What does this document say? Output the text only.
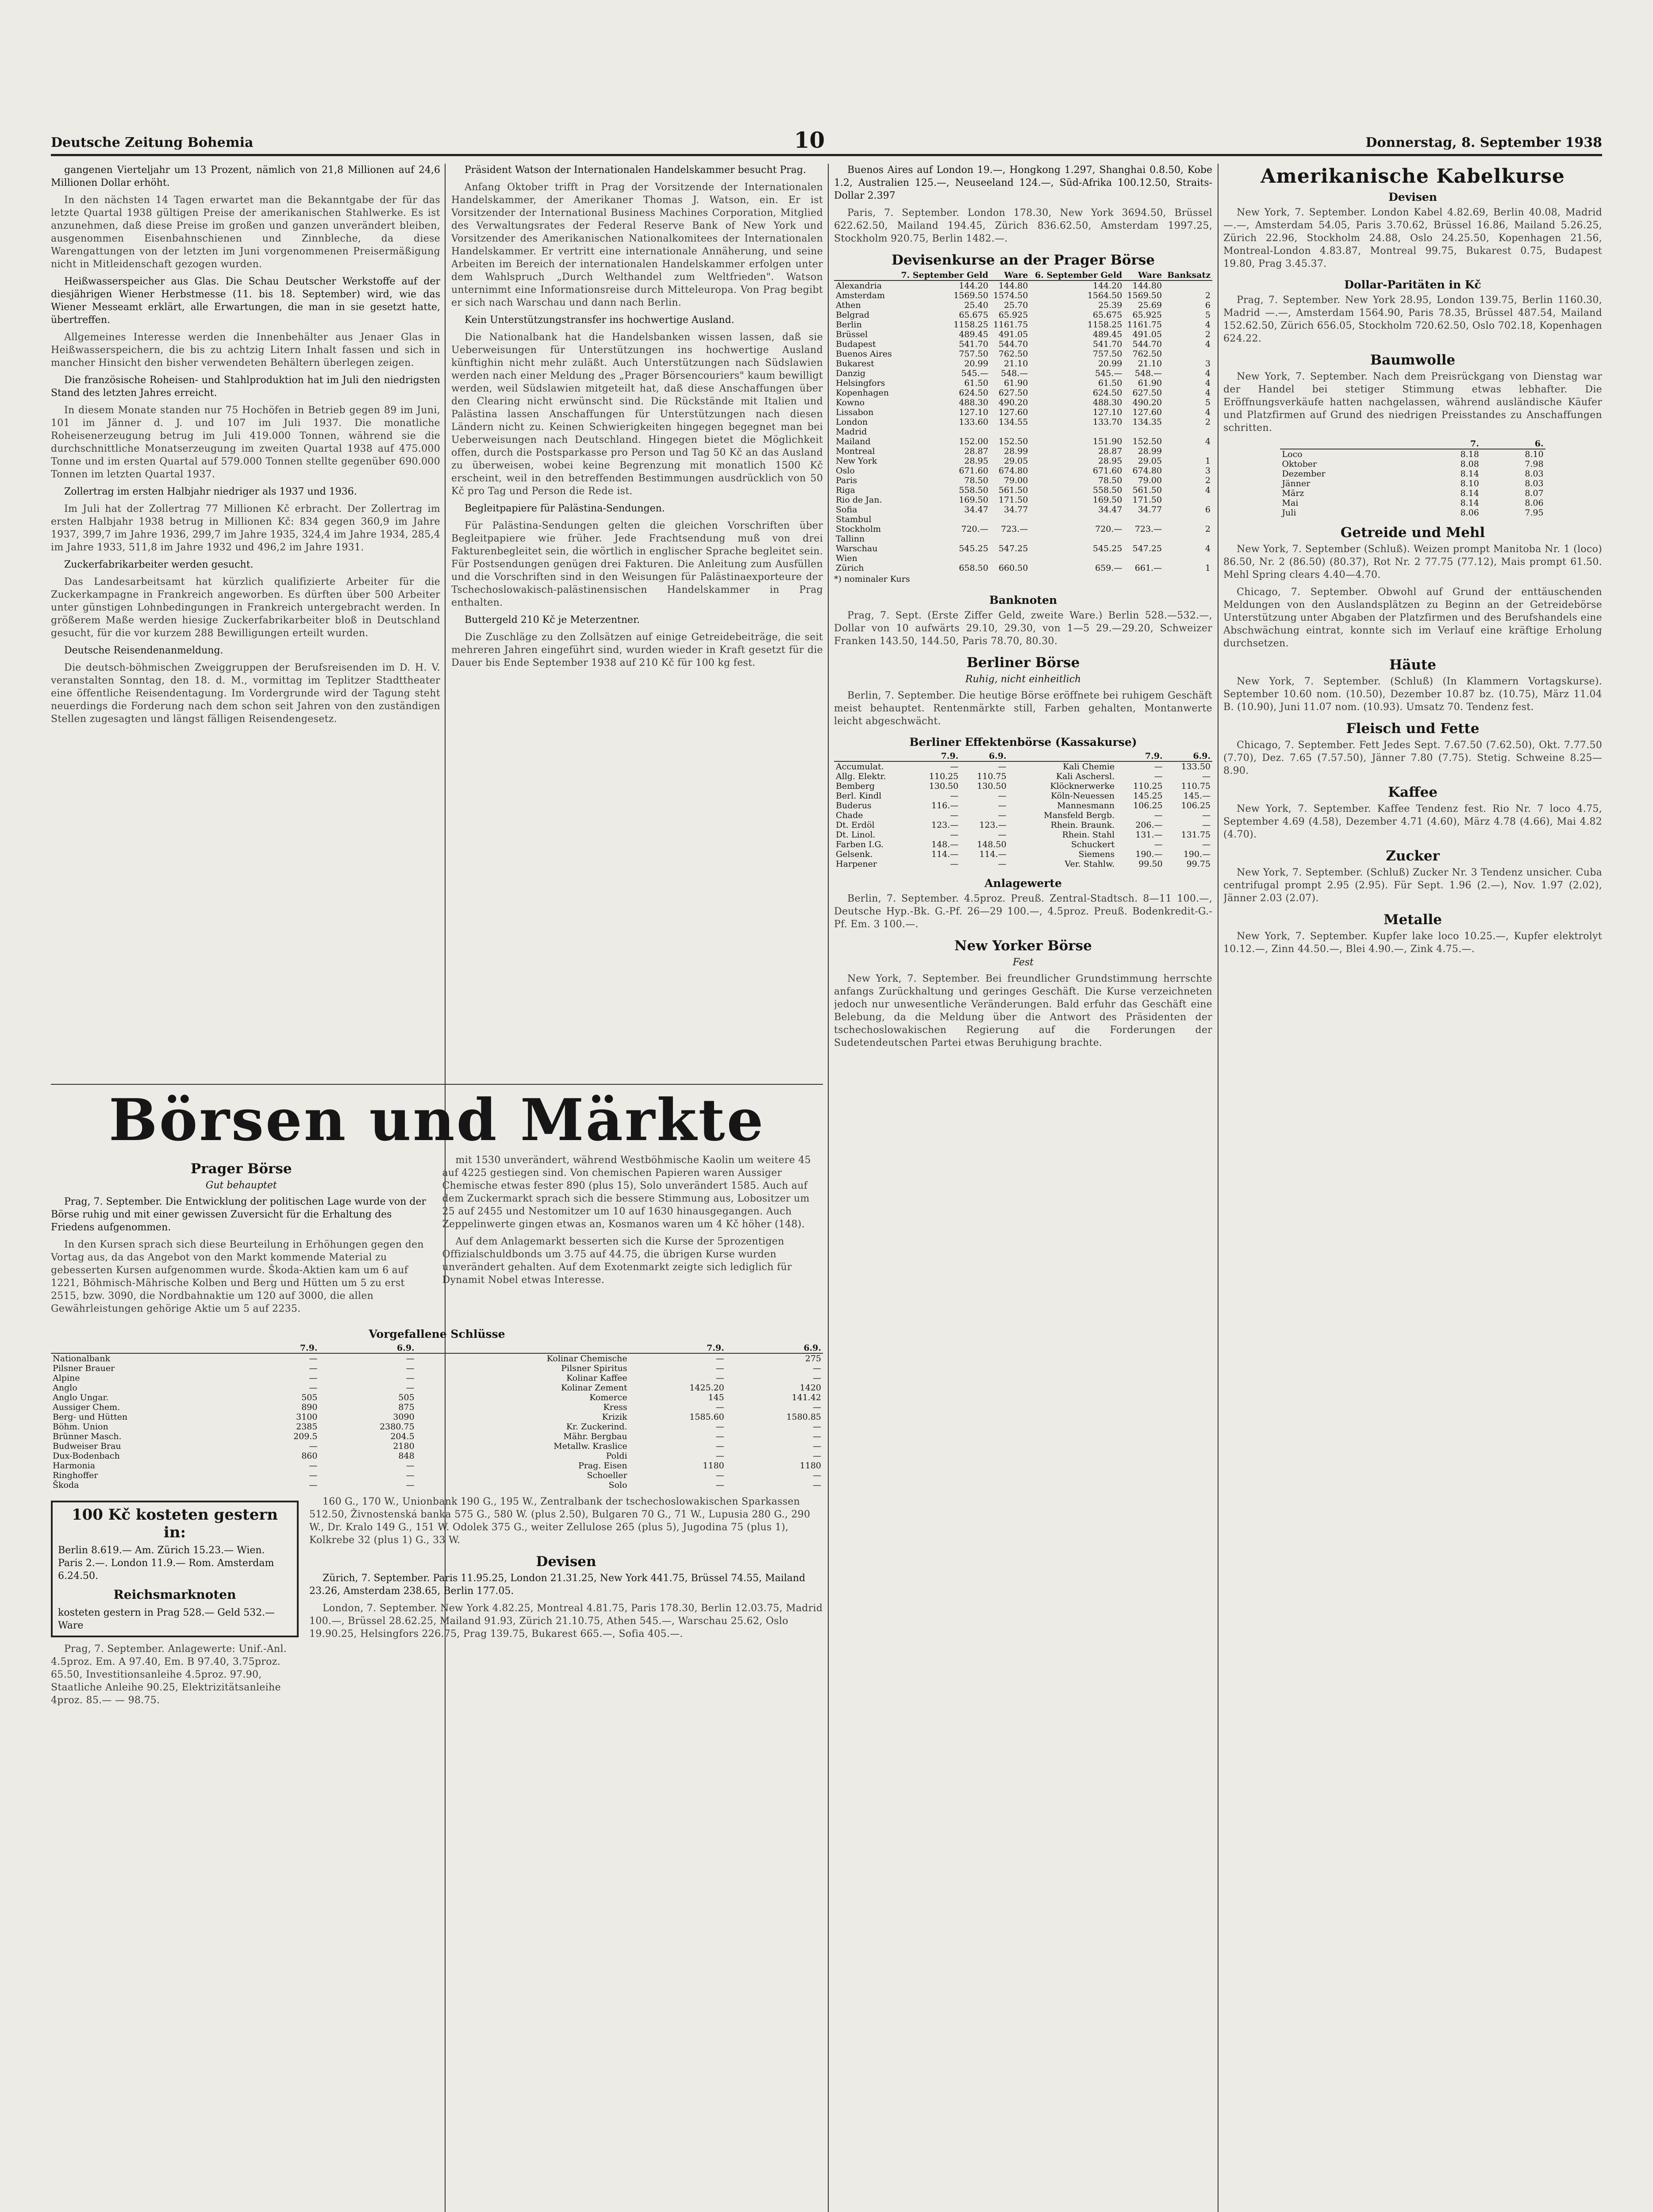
Deutsche Zeitung Bohemia	10	Donnerstag, 8. September 1938

gangenen Vierteljahr um 13 Prozent, nämlich von 21,8 Millionen auf 24,6 Millionen Dollar erhöht.

In den nächsten 14 Tagen erwartet man die Bekanntgabe der für das letzte Quartal 1938 gültigen Preise der amerikanischen Stahlwerke. Es ist anzunehmen, daß diese Preise im großen und ganzen unverändert bleiben, ausgenommen Eisenbahnschienen und Zinnbleche, da diese Warengattungen von der letzten im Juni vorgenommenen Preisermäßigung nicht in Mitleidenschaft gezogen wurden.

Heißwasserspeicher aus Glas. Die Schau Deutscher Werkstoffe auf der diesjährigen Wiener Herbstmesse (11. bis 18. September) wird, wie das Wiener Messeamt erklärt, alle Erwartungen, die man in sie gesetzt hatte, übertreffen.

Allgemeines Interesse werden die Innenbehälter aus Jenaer Glas in Heißwasserspeichern, die bis zu achtzig Litern Inhalt fassen und sich in mancher Hinsicht den bisher verwendeten Behältern überlegen zeigen.

Die französische Roheisen- und Stahlproduktion hat im Juli den niedrigsten Stand des letzten Jahres erreicht.

In diesem Monate standen nur 75 Hochöfen in Betrieb gegen 89 im Juni, 101 im Jänner d. J. und 107 im Juli 1937. Die monatliche Roheisenerzeugung betrug im Juli 419.000 Tonnen, während sie die durchschnittliche Monatserzeugung im zweiten Quartal 1938 auf 475.000 Tonne und im ersten Quartal auf 579.000 Tonnen stellte gegenüber 690.000 Tonnen im letzten Quartal 1937.

Zollertrag im ersten Halbjahr niedriger als 1937 und 1936.

Im Juli hat der Zollertrag 77 Millionen Kč erbracht. Der Zollertrag im ersten Halbjahr 1938 betrug in Millionen Kč: 834 gegen 360,9 im Jahre 1937, 399,7 im Jahre 1936, 299,7 im Jahre 1935, 324,4 im Jahre 1934, 285,4 im Jahre 1933, 511,8 im Jahre 1932 und 496,2 im Jahre 1931.

Zuckerfabrikarbeiter werden gesucht.

Das Landesarbeitsamt hat kürzlich qualifizierte Arbeiter für die Zuckerkampagne in Frankreich angeworben. Es dürften über 500 Arbeiter unter günstigen Lohnbedingungen in Frankreich untergebracht werden. In größerem Maße werden hiesige Zuckerfabrikarbeiter bloß in Deutschland gesucht, für die vor kurzem 288 Bewilligungen erteilt wurden.

Deutsche Reisendenanmeldung.

Die deutsch-böhmischen Zweiggruppen der Berufsreisenden im D. H. V. veranstalten Sonntag, den 18. d. M., vormittag im Teplitzer Stadttheater eine öffentliche Reisendentagung. Im Vordergrunde wird der Tagung steht neuerdings die Forderung nach dem schon seit Jahren von den zuständigen Stellen zugesagten und längst fälligen Reisendengesetz.

Präsident Watson der Internationalen Handelskammer besucht Prag.

Anfang Oktober trifft in Prag der Vorsitzende der Internationalen Handelskammer, der Amerikaner Thomas J. Watson, ein. Er ist Vorsitzender der International Business Machines Corporation, Mitglied des Verwaltungsrates der Federal Reserve Bank of New York und Vorsitzender des Amerikanischen Nationalkomitees der Internationalen Handelskammer. Er vertritt eine internationale Annäherung, und seine Arbeiten im Bereich der internationalen Handelskammer erfolgen unter dem Wahlspruch „Durch Welthandel zum Weltfrieden". Watson unternimmt eine Informationsreise durch Mitteleuropa. Von Prag begibt er sich nach Warschau und dann nach Berlin.

Kein Unterstützungstransfer ins hochwertige Ausland.

Die Nationalbank hat die Handelsbanken wissen lassen, daß sie Ueberweisungen für Unterstützungen ins hochwertige Ausland künftighin nicht mehr zuläßt. Auch Unterstützungen nach Südslawien werden nach einer Meldung des „Prager Börsencouriers" kaum bewilligt werden, weil Südslawien mitgeteilt hat, daß diese Anschaffungen über den Clearing nicht erwünscht sind. Die Rückstände mit Italien und Palästina lassen Anschaffungen für Unterstützungen nach diesen Ländern nicht zu. Keinen Schwierigkeiten hingegen begegnet man bei Ueberweisungen nach Deutschland. Hingegen bietet die Möglichkeit offen, durch die Postsparkasse pro Person und Tag 50 Kč an das Ausland zu überweisen, wobei keine Begrenzung mit monatlich 1500 Kč erscheint, weil in den betreffenden Bestimmungen ausdrücklich von 50 Kč pro Tag und Person die Rede ist.

Begleitpapiere für Palästina-Sendungen.

Für Palästina-Sendungen gelten die gleichen Vorschriften über Begleitpapiere wie früher. Jede Frachtsendung muß von drei Fakturenbegleitet sein, die wörtlich in englischer Sprache begleitet sein. Für Postsendungen genügen drei Fakturen. Die Anleitung zum Ausfüllen und die Vorschriften sind in den Weisungen für Palästinaexporteure der Tschechoslowakisch-palästinensischen Handelskammer in Prag enthalten.

Buttergeld 210 Kč je Meterzentner.

Die Zuschläge zu den Zollsätzen auf einige Getreidebeiträge, die seit mehreren Jahren eingeführt sind, wurden wieder in Kraft gesetzt für die Dauer bis Ende September 1938 auf 210 Kč für 100 kg fest.

Börsen und Märkte
Prager Börse
Gut behauptet

Prag, 7. September. Die Entwicklung der politischen Lage wurde von der Börse ruhig und mit einer gewissen Zuversicht für die Erhaltung des Friedens aufgenommen.

In den Kursen sprach sich diese Beurteilung in Erhöhungen gegen den Vortag aus, da das Angebot von den Markt kommende Material zu gebesserten Kursen aufgenommen wurde. Škoda-Aktien kam um 6 auf 1221, Böhmisch-Mährische Kolben und Berg und Hütten um 5 zu erst 2515, bzw. 3090, die Nordbahnaktie um 120 auf 3000, die allen Gewährleistungen gehörige Aktie um 5 auf 2235.

mit 1530 unverändert, während Westböhmische Kaolin um weitere 45 auf 4225 gestiegen sind. Von chemischen Papieren waren Aussiger Chemische etwas fester 890 (plus 15), Solo unverändert 1585. Auch auf dem Zuckermarkt sprach sich die bessere Stimmung aus, Lobositzer um 25 auf 2455 und Nestomitzer um 10 auf 1630 hinausgegangen. Auch Zeppelinwerte gingen etwas an, Kosmanos waren um 4 Kč höher (148).

Auf dem Anlagemarkt besserten sich die Kurse der 5prozentigen Offizialschuldbonds um 3.75 auf 44.75, die übrigen Kurse wurden unverändert gehalten. Auf dem Exotenmarkt zeigte sich lediglich für Dynamit Nobel etwas Interesse.

Vorgefallene Schlüsse
	7.9.	6.9.		7.9.	6.9.
Nationalbank	—	—	Kolinar Chemische	—	275
Pilsner Brauer	—	—	Pilsner Spiritus	—	—
Alpine	—	—	Kolinar Kaffee	—	—
Anglo	—	—	Kolinar Zement	1425.20	1420
Anglo Ungar.	505	505	Komerce	145	141.42
Aussiger Chem.	890	875	Kress	—	—
Berg- und Hütten	3100	3090	Krizik	1585.60	1580.85
Böhm. Union	2385	2380.75	Kr. Zuckerind.	—	—
Brünner Masch.	209.5	204.5	Mähr. Bergbau	—	—
Budweiser Brau	—	2180	Metallw. Kraslice	—	—
Dux-Bodenbach	860	848	Poldi	—	—
Harmonia	—	—	Prag. Eisen	1180	1180
Ringhoffer	—	—	Schoeller	—	—
Škoda	—	—	Solo	—	—
100 Kč kosteten gestern in:
Berlin 8.619.— Am. Zürich 15.23.— Wien. Paris 2.—. London 11.9.— Rom. Amsterdam 6.24.50.
Reichsmarknoten
kosteten gestern in Prag 528.— Geld 532.— Ware

Prag, 7. September. Anlagewerte: Unif.-Anl. 4.5proz. Em. A 97.40, Em. B 97.40, 3.75proz. 65.50, Investitionsanleihe 4.5proz. 97.90, Staatliche Anleihe 90.25, Elektrizitätsanleihe 4proz. 85.— — 98.75.

160 G., 170 W., Unionbank 190 G., 195 W., Zentralbank der tschechoslowakischen Sparkassen 512.50, Živnostenská banka 575 G., 580 W. (plus 2.50), Bulgaren 70 G., 71 W., Lupusia 280 G., 290 W., Dr. Kralo 149 G., 151 W. Odolek 375 G., weiter Zellulose 265 (plus 5), Jugodina 75 (plus 1), Kolkrebe 32 (plus 1) G., 33 W.

Devisen

Zürich, 7. September. Paris 11.95.25, London 21.31.25, New York 441.75, Brüssel 74.55, Mailand 23.26, Amsterdam 238.65, Berlin 177.05.

London, 7. September. New York 4.82.25, Montreal 4.81.75, Paris 178.30, Berlin 12.03.75, Madrid 100.—, Brüssel 28.62.25, Mailand 91.93, Zürich 21.10.75, Athen 545.—, Warschau 25.62, Oslo 19.90.25, Helsingfors 226.75, Prag 139.75, Bukarest 665.—, Sofia 405.—.

Buenos Aires auf London 19.—, Hongkong 1.297, Shanghai 0.8.50, Kobe 1.2, Australien 125.—, Neuseeland 124.—, Süd-Afrika 100.12.50, Straits-Dollar 2.397

Paris, 7. September. London 178.30, New York 3694.50, Brüssel 622.62.50, Mailand 194.45, Zürich 836.62.50, Amsterdam 1997.25, Stockholm 920.75, Berlin 1482.—.

Devisenkurse an der Prager Börse
	7. September Geld	Ware	6. September Geld	Ware	Banksatz
Alexandria	144.20	144.80	144.20	144.80	
Amsterdam	1569.50	1574.50	1564.50	1569.50	2
Athen	25.40	25.70	25.39	25.69	6
Belgrad	65.675	65.925	65.675	65.925	5
Berlin	1158.25	1161.75	1158.25	1161.75	4
Brüssel	489.45	491.05	489.45	491.05	2
Budapest	541.70	544.70	541.70	544.70	4
Buenos Aires	757.50	762.50	757.50	762.50	
Bukarest	20.99	21.10	20.99	21.10	3
Danzig	545.—	548.—	545.—	548.—	4
Helsingfors	61.50	61.90	61.50	61.90	4
Kopenhagen	624.50	627.50	624.50	627.50	4
Kowno	488.30	490.20	488.30	490.20	5
Lissabon	127.10	127.60	127.10	127.60	4
London	133.60	134.55	133.70	134.35	2
Madrid					
Mailand	152.00	152.50	151.90	152.50	4
Montreal	28.87	28.99	28.87	28.99	
New York	28.95	29.05	28.95	29.05	1
Oslo	671.60	674.80	671.60	674.80	3
Paris	78.50	79.00	78.50	79.00	2
Riga	558.50	561.50	558.50	561.50	4
Rio de Jan.	169.50	171.50	169.50	171.50	
Sofia	34.47	34.77	34.47	34.77	6
Stambul					
Stockholm	720.—	723.—	720.—	723.—	2
Tallinn					
Warschau	545.25	547.25	545.25	547.25	4
Wien					
Zürich	658.50	660.50	659.—	661.—	1
*) nominaler Kurs
Banknoten

Prag, 7. Sept. (Erste Ziffer Geld, zweite Ware.) Berlin 528.—532.—, Dollar von 10 aufwärts 29.10, 29.30, von 1—5 29.—29.20, Schweizer Franken 143.50, 144.50, Paris 78.70, 80.30.

Berliner Börse
Ruhig, nicht einheitlich

Berlin, 7. September. Die heutige Börse eröffnete bei ruhigem Geschäft meist behauptet. Rentenmärkte still, Farben gehalten, Montanwerte leicht abgeschwächt.

Berliner Effektenbörse (Kassakurse)
	7.9.	6.9.		7.9.	6.9.
Accumulat.	—	—	Kali Chemie	—	133.50
Allg. Elektr.	110.25	110.75	Kali Aschersl.	—	—
Bemberg	130.50	130.50	Klöcknerwerke	110.25	110.75
Berl. Kindl	—	—	Köln-Neuessen	145.25	145.—
Buderus	116.—	—	Mannesmann	106.25	106.25
Chade	—	—	Mansfeld Bergb.	—	—
Dt. Erdöl	123.—	123.—	Rhein. Braunk.	206.—	—
Dt. Linol.	—	—	Rhein. Stahl	131.—	131.75
Farben I.G.	148.—	148.50	Schuckert	—	—
Gelsenk.	114.—	114.—	Siemens	190.—	190.—
Harpener	—	—	Ver. Stahlw.	99.50	99.75
Anlagewerte

Berlin, 7. September. 4.5proz. Preuß. Zentral-Stadtsch. 8—11 100.—, Deutsche Hyp.-Bk. G.-Pf. 26—29 100.—, 4.5proz. Preuß. Bodenkredit-G.-Pf. Em. 3 100.—.

New Yorker Börse
Fest

New York, 7. September. Bei freundlicher Grundstimmung herrschte anfangs Zurückhaltung und geringes Geschäft. Die Kurse verzeichneten jedoch nur unwesentliche Veränderungen. Bald erfuhr das Geschäft eine Belebung, da die Meldung über die Antwort des Präsidenten der tschechoslowakischen Regierung auf die Forderungen der Sudetendeutschen Partei etwas Beruhigung brachte.

Amerikanische Kabelkurse
Devisen

New York, 7. September. London Kabel 4.82.69, Berlin 40.08, Madrid —.—, Amsterdam 54.05, Paris 3.70.62, Brüssel 16.86, Mailand 5.26.25, Zürich 22.96, Stockholm 24.88, Oslo 24.25.50, Kopenhagen 21.56, Montreal-London 4.83.87, Montreal 99.75, Bukarest 0.75, Budapest 19.80, Prag 3.45.37.

Dollar-Paritäten in Kč

Prag, 7. September. New York 28.95, London 139.75, Berlin 1160.30, Madrid —.—, Amsterdam 1564.90, Paris 78.35, Brüssel 487.54, Mailand 152.62.50, Zürich 656.05, Stockholm 720.62.50, Oslo 702.18, Kopenhagen 624.22.

Baumwolle

New York, 7. September. Nach dem Preisrückgang von Dienstag war der Handel bei stetiger Stimmung etwas lebhafter. Die Eröffnungsverkäufe hatten nachgelassen, während ausländische Käufer und Platzfirmen auf Grund des niedrigen Preisstandes zu Anschaffungen schritten.

	7.	6.
Loco	8.18	8.10
Oktober	8.08	7.98
Dezember	8.14	8.03
Jänner	8.10	8.03
März	8.14	8.07
Mai	8.14	8.06
Juli	8.06	7.95
Getreide und Mehl

New York, 7. September (Schluß). Weizen prompt Manitoba Nr. 1 (loco) 86.50, Nr. 2 (86.50) (80.37), Rot Nr. 2 77.75 (77.12), Mais prompt 61.50. Mehl Spring clears 4.40—4.70.

Chicago, 7. September. Obwohl auf Grund der enttäuschenden Meldungen von den Auslandsplätzen zu Beginn an der Getreidebörse Unterstützung unter Abgaben der Platzfirmen und des Berufshandels eine Abschwächung eintrat, konnte sich im Verlauf eine kräftige Erholung durchsetzen.

Häute

New York, 7. September. (Schluß) (In Klammern Vortagskurse). September 10.60 nom. (10.50), Dezember 10.87 bz. (10.75), März 11.04 B. (10.90), Juni 11.07 nom. (10.93). Umsatz 70. Tendenz fest.

Fleisch und Fette

Chicago, 7. September. Fett Jedes Sept. 7.67.50 (7.62.50), Okt. 7.77.50 (7.70), Dez. 7.65 (7.57.50), Jänner 7.80 (7.75). Stetig. Schweine 8.25—8.90.

Kaffee

New York, 7. September. Kaffee Tendenz fest. Rio Nr. 7 loco 4.75, September 4.69 (4.58), Dezember 4.71 (4.60), März 4.78 (4.66), Mai 4.82 (4.70).

Zucker

New York, 7. September. (Schluß) Zucker Nr. 3 Tendenz unsicher. Cuba centrifugal prompt 2.95 (2.95). Für Sept. 1.96 (2.—), Nov. 1.97 (2.02), Jänner 2.03 (2.07).

Metalle

New York, 7. September. Kupfer lake loco 10.25.—, Kupfer elektrolyt 10.12.—, Zinn 44.50.—, Blei 4.90.—, Zink 4.75.—.
